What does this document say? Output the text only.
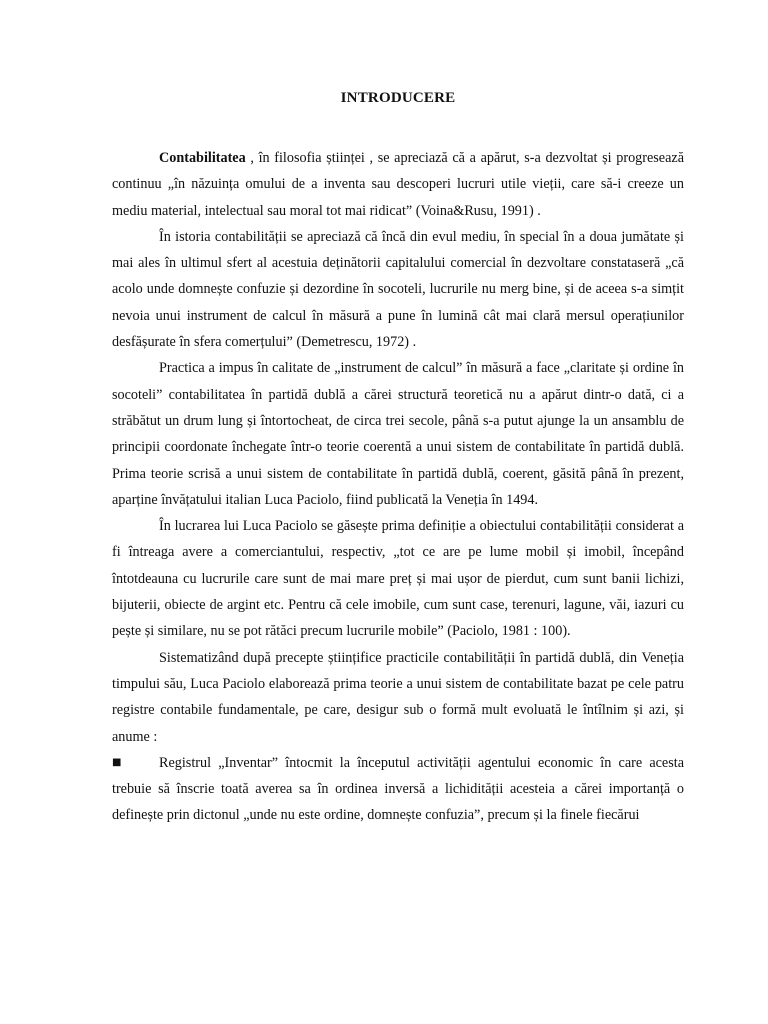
INTRODUCERE

Contabilitatea , în filosofia științei , se apreciază că a apărut, s-a dezvoltat și progresează continuu „în năzuința omului de a inventa sau descoperi lucruri utile vieții, care să-i creeze un mediu material, intelectual sau moral tot mai ridicat” (Voina&Rusu, 1991) .

În istoria contabilității se apreciază că încă din evul mediu, în special în a doua jumătate și mai ales în ultimul sfert al acestuia deținătorii capitalului comercial în dezvoltare constataseră „că acolo unde domnește confuzie și dezordine în socoteli, lucrurile nu merg bine, și de aceea s-a simțit nevoia unui instrument de calcul în măsură a pune în lumină cât mai clară mersul operațiunilor desfășurate în sfera comerțului” (Demetrescu, 1972) .

Practica a impus în calitate de „instrument de calcul” în măsură a face „claritate și ordine în socoteli” contabilitatea în partidă dublă a cărei structură teoretică nu a apărut dintr-o dată, ci a străbătut un drum lung și întortocheat, de circa trei secole, până s-a putut ajunge la un ansamblu de principii coordonate închegate într-o teorie coerentă a unui sistem de contabilitate în partidă dublă. Prima teorie scrisă a unui sistem de contabilitate în partidă dublă, coerent, găsită până în prezent, aparține învățatului italian Luca Paciolo, fiind publicată la Veneția în 1494.

În lucrarea lui Luca Paciolo se găsește prima definiție a obiectului contabilității considerat a fi întreaga avere a comerciantului, respectiv, „tot ce are pe lume mobil și imobil, începând întotdeauna cu lucrurile care sunt de mai mare preț și mai ușor de pierdut, cum sunt banii lichizi, bijuterii, obiecte de argint etc. Pentru că cele imobile, cum sunt case, terenuri, lagune, văi, iazuri cu pește și similare, nu se pot rătăci precum lucrurile mobile” (Paciolo, 1981 : 100).

Sistematizând după precepte științifice practicile contabilității în partidă dublă, din Veneția timpului său, Luca Paciolo elaborează prima teorie a unui sistem de contabilitate bazat pe cele patru registre contabile fundamentale, pe care, desigur sub o formă mult evoluată le întîlnim și azi, și anume :

■	Registrul „Inventar” întocmit la începutul activității agentului economic în care acesta trebuie să înscrie toată averea sa în ordinea inversă a lichidității acesteia a cărei importanță o definește prin dictonul „unde nu este ordine, domnește confuzia”, precum și la finele fiecărui
